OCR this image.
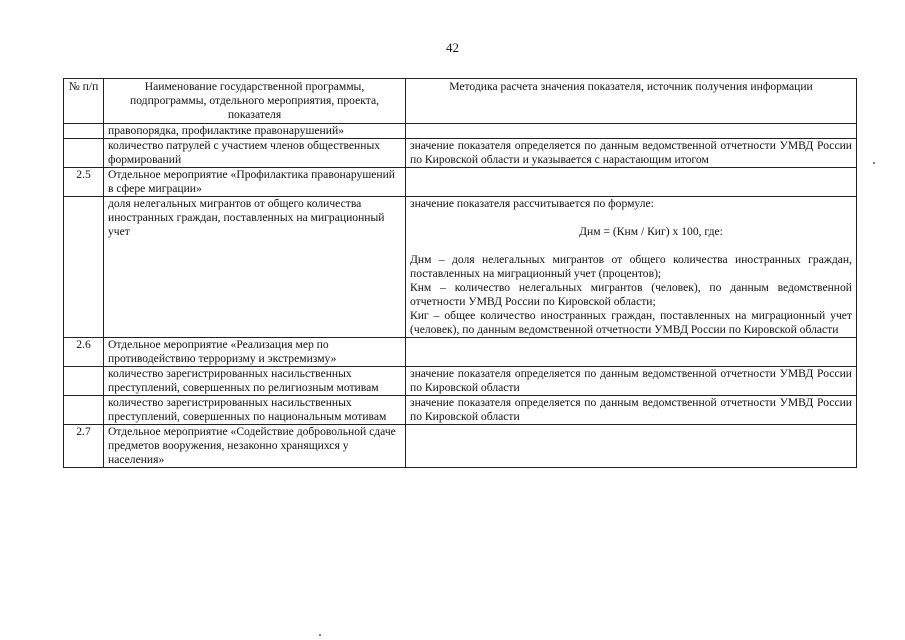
42
№ п/п	Наименование государственной программы, подпрограммы, отдельного мероприятия, проекта, показателя	Методика расчета значения показателя, источник получения информации
	правопорядка, профилактике правонарушений»	
	количество патрулей с участием членов общественных формирований	значение показателя определяется по данным ведомственной отчетности УМВД России по Кировской области и указывается с нарастающим итогом
2.5	Отдельное мероприятие «Профилактика правонарушений в сфере миграции»	
	доля нелегальных мигрантов от общего количества иностранных граждан, поставленных на миграционный учет	значение показателя рассчитывается по формуле:

Днм = (Кнм / Киг) х 100, где:

Днм – доля нелегальных мигрантов от общего количества иностранных граждан, поставленных на миграционный учет (процентов);

Кнм – количество нелегальных мигрантов (человек), по данным ведомственной отчетности УМВД России по Кировской области;

Киг – общее количество иностранных граждан, поставленных на миграционный учет (человек), по данным ведомственной отчетности УМВД России по Кировской области

2.6	Отдельное мероприятие «Реализация мер по противодействию терроризму и экстремизму»	
	количество зарегистрированных насильственных преступлений, совершенных по религиозным мотивам	значение показателя определяется по данным ведомственной отчетности УМВД России по Кировской области
	количество зарегистрированных насильственных преступлений, совершенных по национальным мотивам	значение показателя определяется по данным ведомственной отчетности УМВД России по Кировской области
2.7	Отдельное мероприятие «Содействие добровольной сдаче предметов вооружения, незаконно хранящихся у населения»	
